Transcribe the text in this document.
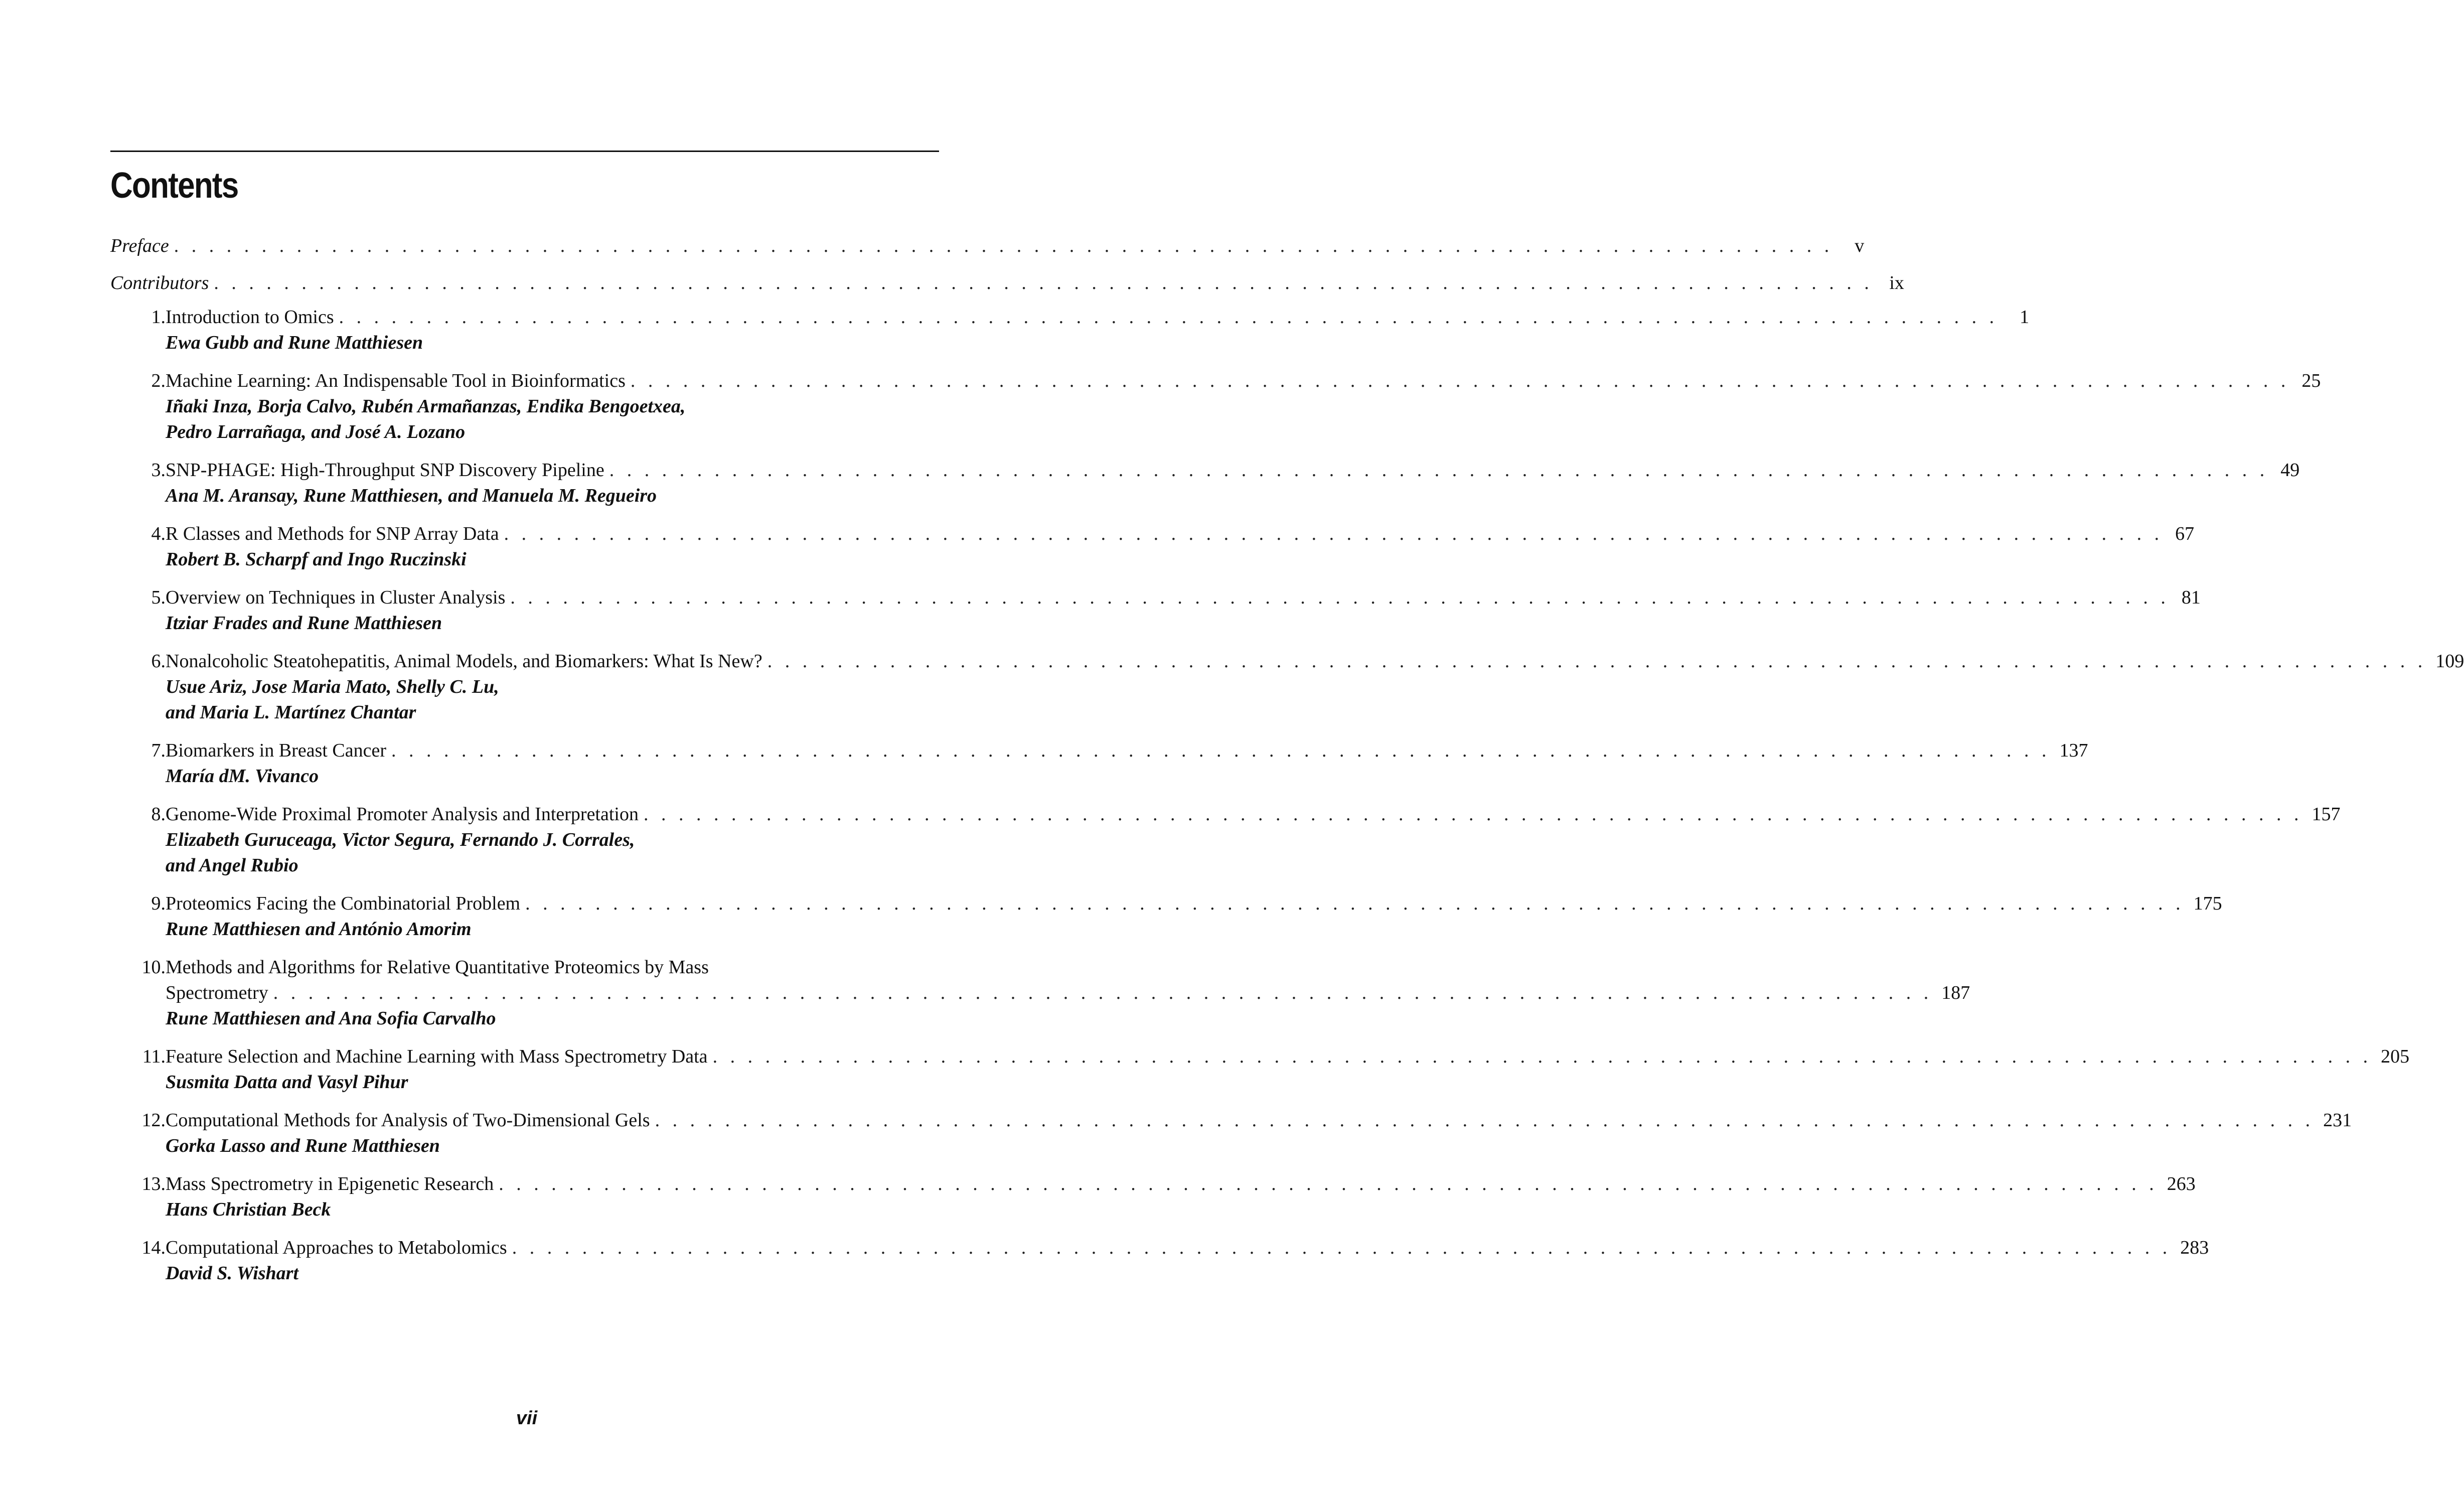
Contents
Preface . . .	v
Contributors . . .	ix
1. Introduction to Omics . . .	1
Ewa Gubb and Rune Matthiesen
2. Machine Learning: An Indispensable Tool in Bioinformatics . . .	25
Iñaki Inza, Borja Calvo, Rubén Armañanzas, Endika Bengoetxea,
Pedro Larrañaga, and José A. Lozano
3. SNP-PHAGE: High-Throughput SNP Discovery Pipeline . . .	49
Ana M. Aransay, Rune Matthiesen, and Manuela M. Regueiro
4. R Classes and Methods for SNP Array Data . . .	67
Robert B. Scharpf and Ingo Ruczinski
5. Overview on Techniques in Cluster Analysis . . .	81
Itziar Frades and Rune Matthiesen
6. Nonalcoholic Steatohepatitis, Animal Models, and Biomarkers: What Is New? . . .	109
Usue Ariz, Jose Maria Mato, Shelly C. Lu,
and Maria L. Martínez Chantar
7. Biomarkers in Breast Cancer . . .	137
María dM. Vivanco
8. Genome-Wide Proximal Promoter Analysis and Interpretation . . .	157
Elizabeth Guruceaga, Victor Segura, Fernando J. Corrales,
and Angel Rubio
9. Proteomics Facing the Combinatorial Problem . . .	175
Rune Matthiesen and António Amorim
10. Methods and Algorithms for Relative Quantitative Proteomics by Mass
Spectrometry . . .	187
Rune Matthiesen and Ana Sofia Carvalho
11. Feature Selection and Machine Learning with Mass Spectrometry Data . . .	205
Susmita Datta and Vasyl Pihur
12. Computational Methods for Analysis of Two-Dimensional Gels . . .	231
Gorka Lasso and Rune Matthiesen
13. Mass Spectrometry in Epigenetic Research . . .	263
Hans Christian Beck
14. Computational Approaches to Metabolomics . . .	283
David S. Wishart
vii
